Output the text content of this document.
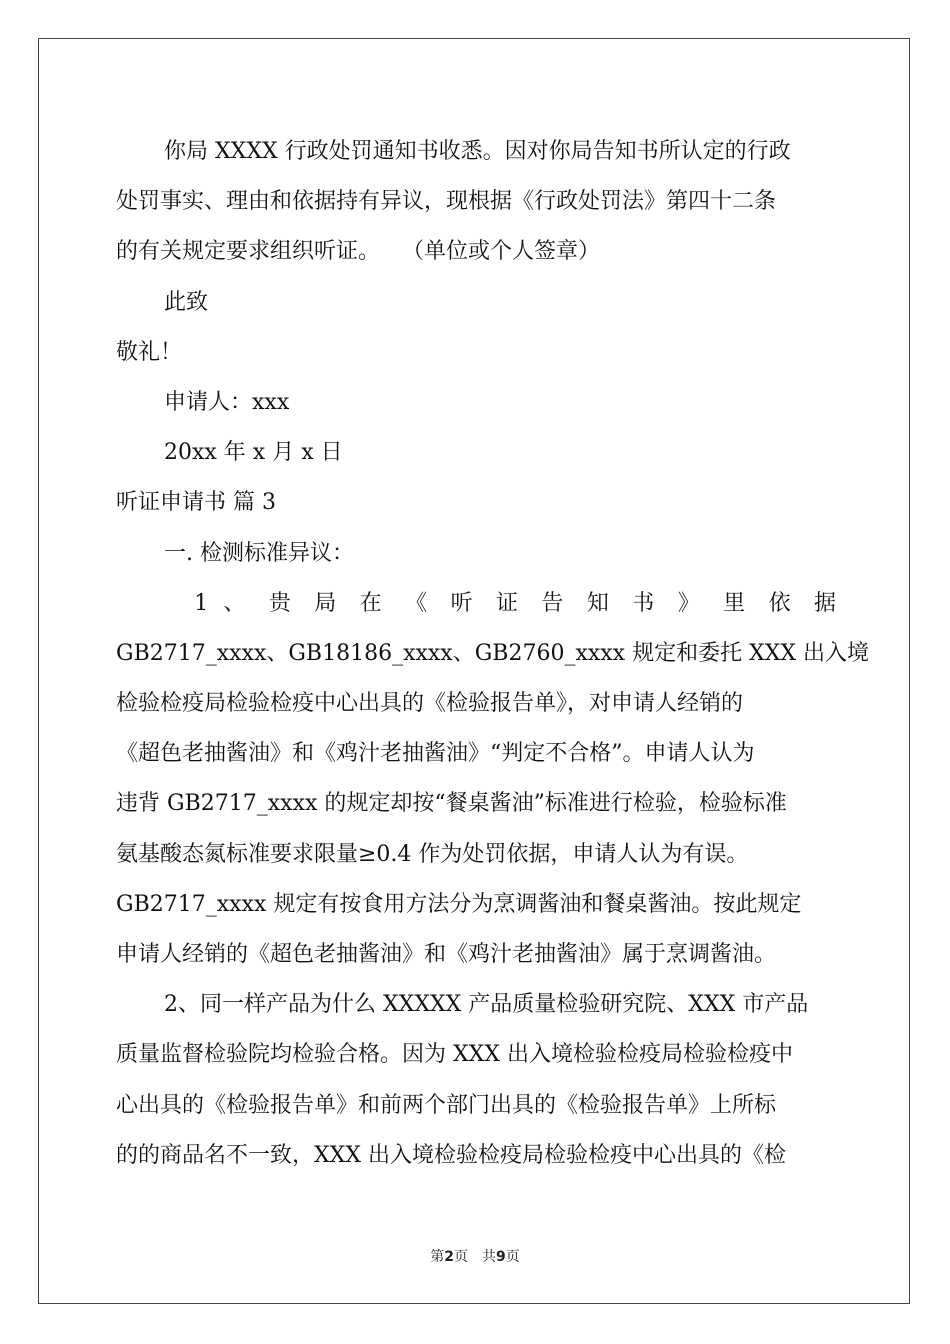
你局 XXXX 行政处罚通知书收悉。因对你局告知书所认定的行政
处罚事实、理由和依据持有异议，现根据《行政处罚法》第四十二条
的有关规定要求组织听证。　　（单位或个人签章）
此致
敬礼！
申请人：xxx
20xx 年 x 月 x 日
听证申请书 篇 3
一. 检测标准异议：
　1 、 贵 局 在 《 听 证 告 知 书 》 里 依 据
GB2717_xxxx、GB18186_xxxx、GB2760_xxxx 规定和委托 XXX 出入境
检验检疫局检验检疫中心出具的《检验报告单》，对申请人经销的
《超色老抽酱油》和《鸡汁老抽酱油》“判定不合格”。申请人认为
违背 GB2717_xxxx 的规定却按“餐桌酱油”标准进行检验，检验标准
氨基酸态氮标准要求限量≥0.4 作为处罚依据，申请人认为有误。
GB2717_xxxx 规定有按食用方法分为烹调酱油和餐桌酱油。按此规定
申请人经销的《超色老抽酱油》和《鸡汁老抽酱油》属于烹调酱油。
2、同一样产品为什么 XXXXX 产品质量检验研究院、XXX 市产品
质量监督检验院均检验合格。因为 XXX 出入境检验检疫局检验检疫中
心出具的《检验报告单》和前两个部门出具的《检验报告单》上所标
的的商品名不一致，XXX 出入境检验检疫局检验检疫中心出具的《检
第2页　共9页
